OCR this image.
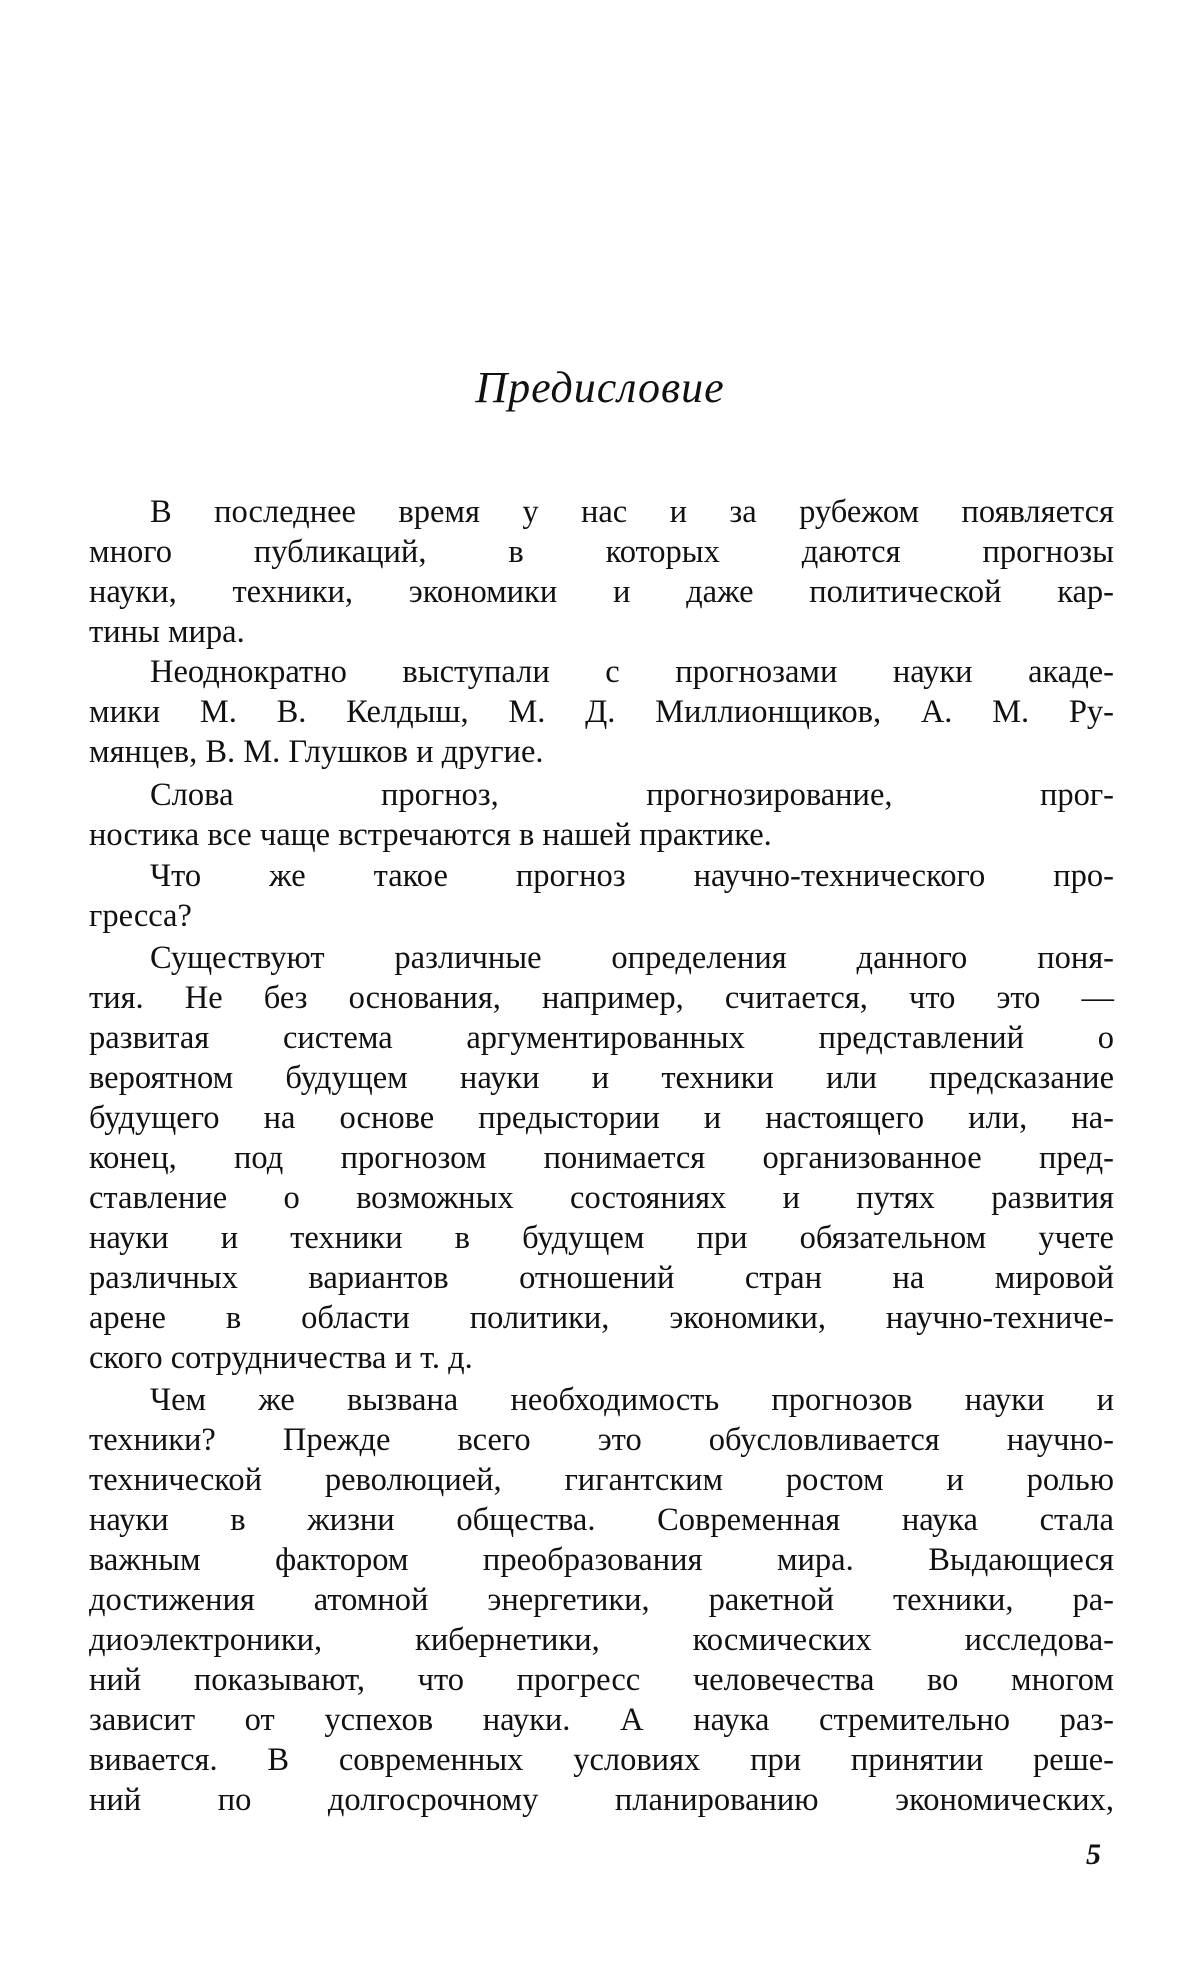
Предисловие

В последнее время у нас и за рубежом появляется

много публикаций, в которых даются прогнозы

науки, техники, экономики и даже политической кар-

тины мира.

Неоднократно выступали с прогнозами науки акаде-

мики М. В. Келдыш, М. Д. Миллионщиков, А. М. Ру-

мянцев, В. М. Глушков и другие.

Слова прогноз, прогнозирование, прог-

ностика все чаще встречаются в нашей практике.

Что же такое прогноз научно-технического про-

гресса?

Существуют различные определения данного поня-

тия. Не без основания, например, считается, что это —

развитая система аргументированных представлений о

вероятном будущем науки и техники или предсказание

будущего на основе предыстории и настоящего или, на-

конец, под прогнозом понимается организованное пред-

ставление о возможных состояниях и путях развития

науки и техники в будущем при обязательном учете

различных вариантов отношений стран на мировой

арене в области политики, экономики, научно-техниче-

ского сотрудничества и т. д.

Чем же вызвана необходимость прогнозов науки и

техники? Прежде всего это обусловливается научно-

технической революцией, гигантским ростом и ролью

науки в жизни общества. Современная наука стала

важным фактором преобразования мира. Выдающиеся

достижения атомной энергетики, ракетной техники, ра-

диоэлектроники, кибернетики, космических исследова-

ний показывают, что прогресс человечества во многом

зависит от успехов науки. А наука стремительно раз-

вивается. В современных условиях при принятии реше-

ний по долгосрочному планированию экономических,

5
